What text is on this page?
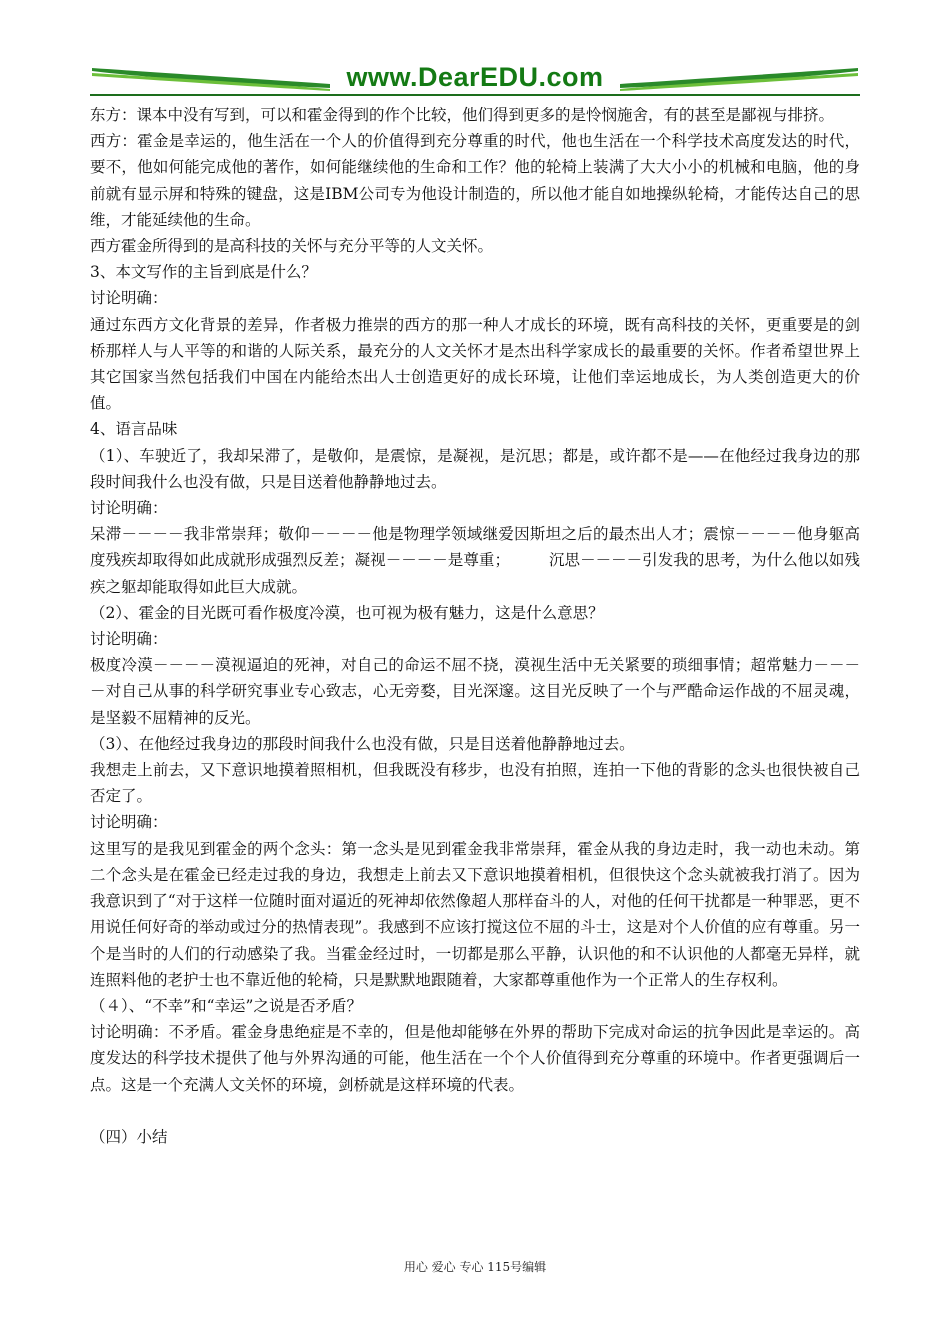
www.DearEDU.com

东方：课本中没有写到，可以和霍金得到的作个比较，他们得到更多的是怜悯施舍，有的甚至是鄙视与排挤。

西方：霍金是幸运的，他生活在一个人的价值得到充分尊重的时代，他也生活在一个科学技术高度发达的时代，要不，他如何能完成他的著作，如何能继续他的生命和工作？他的轮椅上装满了大大小小的机械和电脑，他的身前就有显示屏和特殊的键盘，这是IBM公司专为他设计制造的，所以他才能自如地操纵轮椅，才能传达自己的思维，才能延续他的生命。

西方霍金所得到的是高科技的关怀与充分平等的人文关怀。

3、本文写作的主旨到底是什么？

讨论明确：

通过东西方文化背景的差异，作者极力推崇的西方的那一种人才成长的环境，既有高科技的关怀，更重要是的剑桥那样人与人平等的和谐的人际关系，最充分的人文关怀才是杰出科学家成长的最重要的关怀。作者希望世界上其它国家当然包括我们中国在内能给杰出人士创造更好的成长环境，让他们幸运地成长，为人类创造更大的价值。

4、语言品味

（1）、车驶近了，我却呆滞了，是敬仰，是震惊，是凝视，是沉思；都是，或许都不是——在他经过我身边的那段时间我什么也没有做，只是目送着他静静地过去。

讨论明确：

呆滞－－－－我非常崇拜；敬仰－－－－他是物理学领域继爱因斯坦之后的最杰出人才；震惊－－－－他身躯高度残疾却取得如此成就形成强烈反差；凝视－－－－是尊重；　　　沉思－－－－引发我的思考，为什么他以如残疾之躯却能取得如此巨大成就。

（2）、霍金的目光既可看作极度冷漠，也可视为极有魅力，这是什么意思？

讨论明确：

极度冷漠－－－－漠视逼迫的死神，对自己的命运不屈不挠，漠视生活中无关紧要的琐细事情；超常魅力－－－－对自己从事的科学研究事业专心致志，心无旁婺，目光深邃。这目光反映了一个与严酷命运作战的不屈灵魂，是坚毅不屈精神的反光。

（3）、在他经过我身边的那段时间我什么也没有做，只是目送着他静静地过去。

我想走上前去，又下意识地摸着照相机，但我既没有移步，也没有拍照，连拍一下他的背影的念头也很快被自己否定了。

讨论明确：

这里写的是我见到霍金的两个念头：第一念头是见到霍金我非常崇拜，霍金从我的身边走时，我一动也未动。第二个念头是在霍金已经走过我的身边，我想走上前去又下意识地摸着相机，但很快这个念头就被我打消了。因为我意识到了“对于这样一位随时面对逼近的死神却依然像超人那样奋斗的人，对他的任何干扰都是一种罪恶，更不用说任何好奇的举动或过分的热情表现”。我感到不应该打搅这位不屈的斗士，这是对个人价值的应有尊重。另一个是当时的人们的行动感染了我。当霍金经过时，一切都是那么平静，认识他的和不认识他的人都毫无异样，就连照料他的老护士也不靠近他的轮椅，只是默默地跟随着，大家都尊重他作为一个正常人的生存权利。

（４）、“不幸”和“幸运”之说是否矛盾？

讨论明确：不矛盾。霍金身患绝症是不幸的，但是他却能够在外界的帮助下完成对命运的抗争因此是幸运的。高度发达的科学技术提供了他与外界沟通的可能，他生活在一个个人价值得到充分尊重的环境中。作者更强调后一点。这是一个充满人文关怀的环境，剑桥就是这样环境的代表。

（四）小结

用心 爱心 专心 115号编辑
